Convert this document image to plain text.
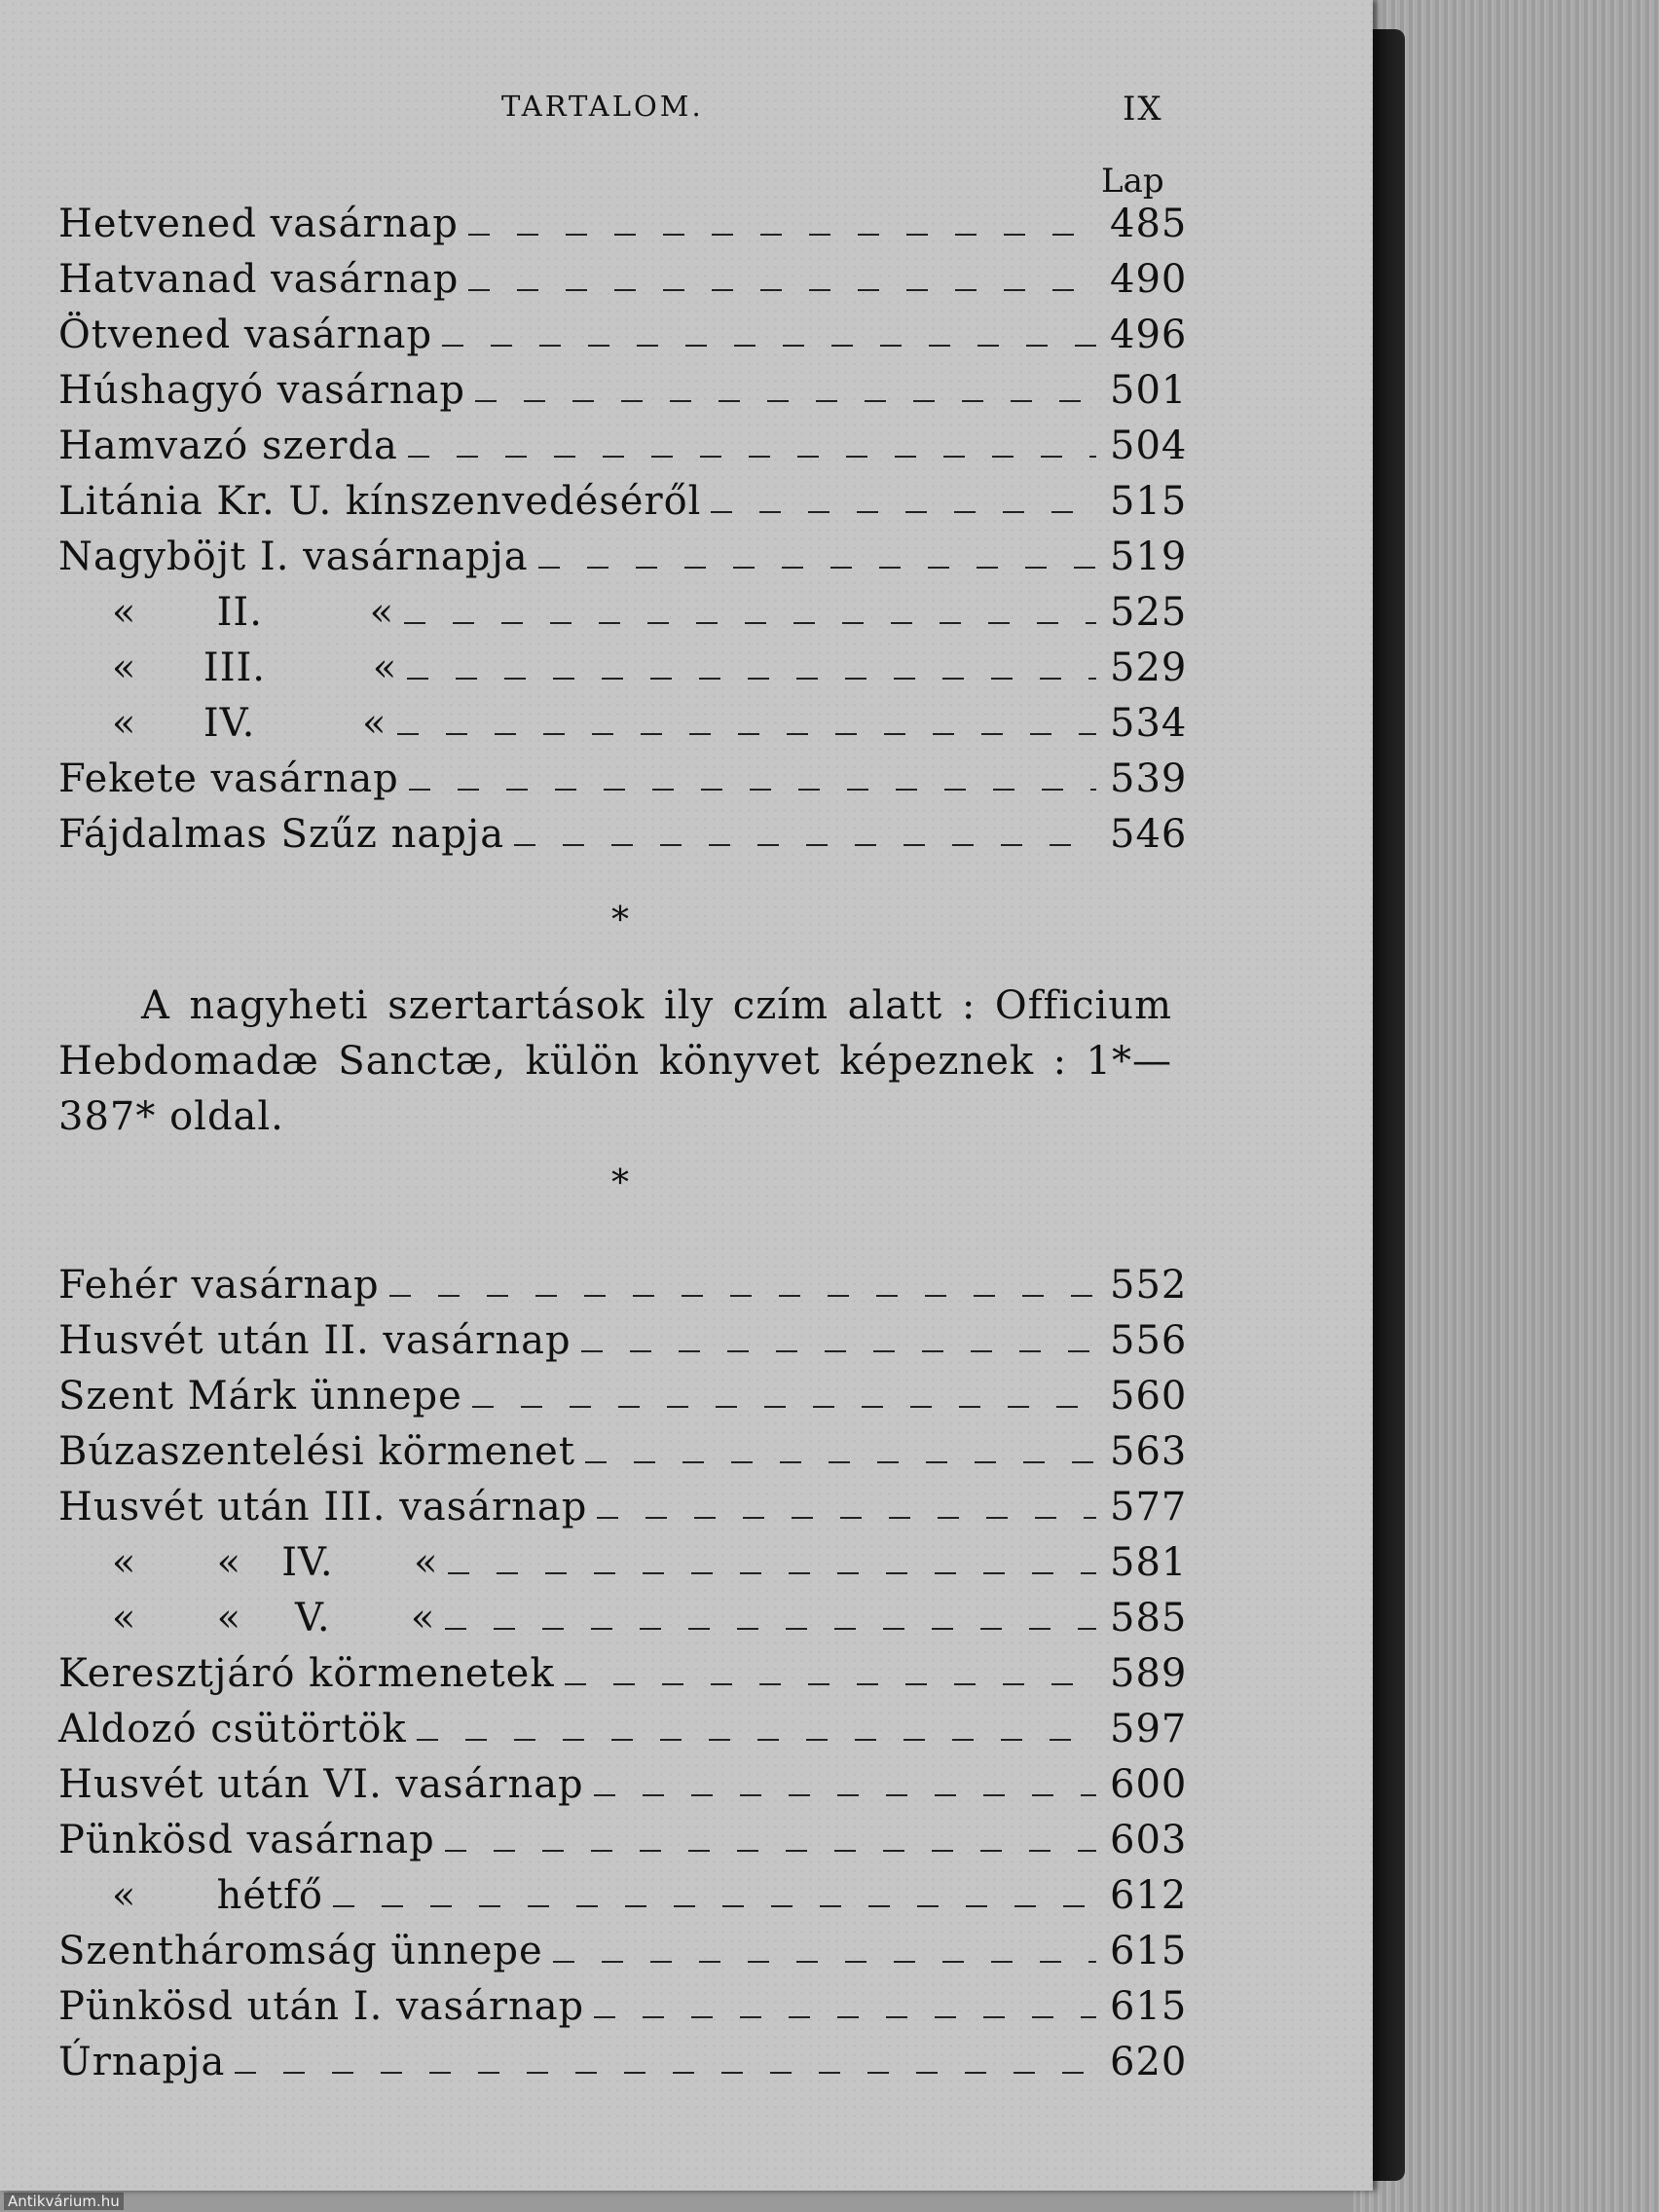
TARTALOM.	IX
Lap
Hetvened vasárnap	485
Hatvanad vasárnap	490
Ötvened vasárnap	496
Húshagyó vasárnap	501
Hamvazó szerda	504
Litánia Kr. U. kínszenvedéséről	515
Nagyböjt I. vasárnapja	519
«      II.        «	525
«     III.        «	529
«     IV.        «	534
Fekete vasárnap	539
Fájdalmas Szűz napja	546
*

A nagyheti szertartások ily czím alatt : Officium Hebdomadæ Sanctæ, külön könyvet képeznek : 1*—387* oldal.

*
Fehér vasárnap	552
Husvét után II. vasárnap	556
Szent Márk ünnepe	560
Búzaszentelési körmenet	563
Husvét után III. vasárnap	577
«      «   IV.      «	581
«      «    V.      «	585
Keresztjáró körmenetek	589
Aldozó csütörtök	597
Husvét után VI. vasárnap	600
Pünkösd vasárnap	603
«      hétfő	612
Szentháromság ünnepe	615
Pünkösd után I. vasárnap	615
Úrnapja	620
Antikvárium.hu
